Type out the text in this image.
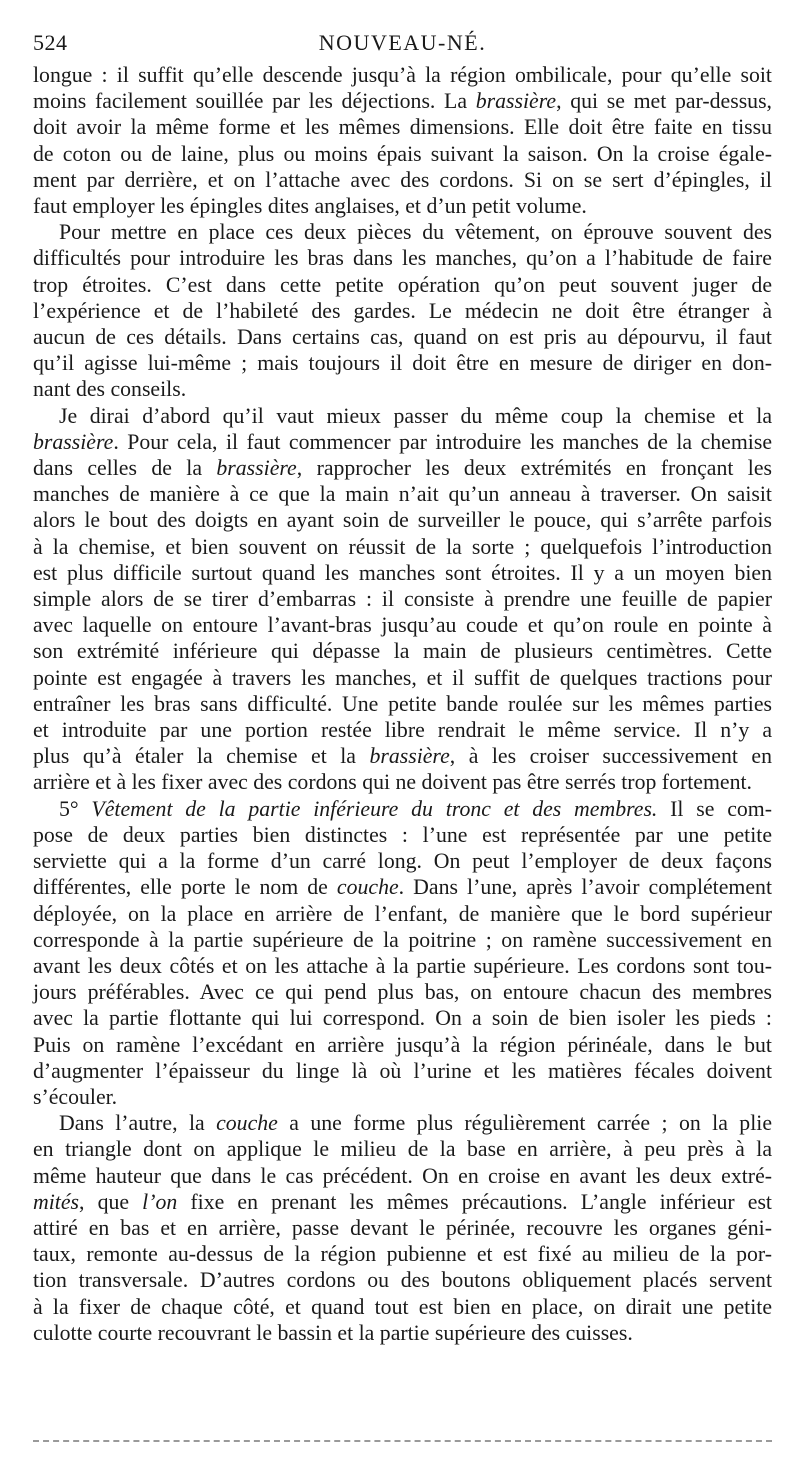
524	NOUVEAU-NÉ.
longue : il suffit qu’elle descende jusqu’à la région ombilicale, pour qu’elle soit
moins facilement souillée par les déjections. La brassière, qui se met par-dessus,
doit avoir la même forme et les mêmes dimensions. Elle doit être faite en tissu
de coton ou de laine, plus ou moins épais suivant la saison. On la croise égale-
ment par derrière, et on l’attache avec des cordons. Si on se sert d’épingles, il
faut employer les épingles dites anglaises, et d’un petit volume.
Pour mettre en place ces deux pièces du vêtement, on éprouve souvent des
difficultés pour introduire les bras dans les manches, qu’on a l’habitude de faire
trop étroites. C’est dans cette petite opération qu’on peut souvent juger de
l’expérience et de l’habileté des gardes. Le médecin ne doit être étranger à
aucun de ces détails. Dans certains cas, quand on est pris au dépourvu, il faut
qu’il agisse lui-même ; mais toujours il doit être en mesure de diriger en don-
nant des conseils.
Je dirai d’abord qu’il vaut mieux passer du même coup la chemise et la
brassière. Pour cela, il faut commencer par introduire les manches de la chemise
dans celles de la brassière, rapprocher les deux extrémités en fronçant les
manches de manière à ce que la main n’ait qu’un anneau à traverser. On saisit
alors le bout des doigts en ayant soin de surveiller le pouce, qui s’arrête parfois
à la chemise, et bien souvent on réussit de la sorte ; quelquefois l’introduction
est plus difficile surtout quand les manches sont étroites. Il y a un moyen bien
simple alors de se tirer d’embarras : il consiste à prendre une feuille de papier
avec laquelle on entoure l’avant-bras jusqu’au coude et qu’on roule en pointe à
son extrémité inférieure qui dépasse la main de plusieurs centimètres. Cette
pointe est engagée à travers les manches, et il suffit de quelques tractions pour
entraîner les bras sans difficulté. Une petite bande roulée sur les mêmes parties
et introduite par une portion restée libre rendrait le même service. Il n’y a
plus qu’à étaler la chemise et la brassière, à les croiser successivement en
arrière et à les fixer avec des cordons qui ne doivent pas être serrés trop fortement.
5° Vêtement de la partie inférieure du tronc et des membres. Il se com-
pose de deux parties bien distinctes : l’une est représentée par une petite
serviette qui a la forme d’un carré long. On peut l’employer de deux façons
différentes, elle porte le nom de couche. Dans l’une, après l’avoir complétement
déployée, on la place en arrière de l’enfant, de manière que le bord supérieur
corresponde à la partie supérieure de la poitrine ; on ramène successivement en
avant les deux côtés et on les attache à la partie supérieure. Les cordons sont tou-
jours préférables. Avec ce qui pend plus bas, on entoure chacun des membres
avec la partie flottante qui lui correspond. On a soin de bien isoler les pieds :
Puis on ramène l’excédant en arrière jusqu’à la région périnéale, dans le but
d’augmenter l’épaisseur du linge là où l’urine et les matières fécales doivent
s’écouler.
Dans l’autre, la couche a une forme plus régulièrement carrée ; on la plie
en triangle dont on applique le milieu de la base en arrière, à peu près à la
même hauteur que dans le cas précédent. On en croise en avant les deux extré-
mités, que l’on fixe en prenant les mêmes précautions. L’angle inférieur est
attiré en bas et en arrière, passe devant le périnée, recouvre les organes géni-
taux, remonte au-dessus de la région pubienne et est fixé au milieu de la por-
tion transversale. D’autres cordons ou des boutons obliquement placés servent
à la fixer de chaque côté, et quand tout est bien en place, on dirait une petite
culotte courte recouvrant le bassin et la partie supérieure des cuisses.
